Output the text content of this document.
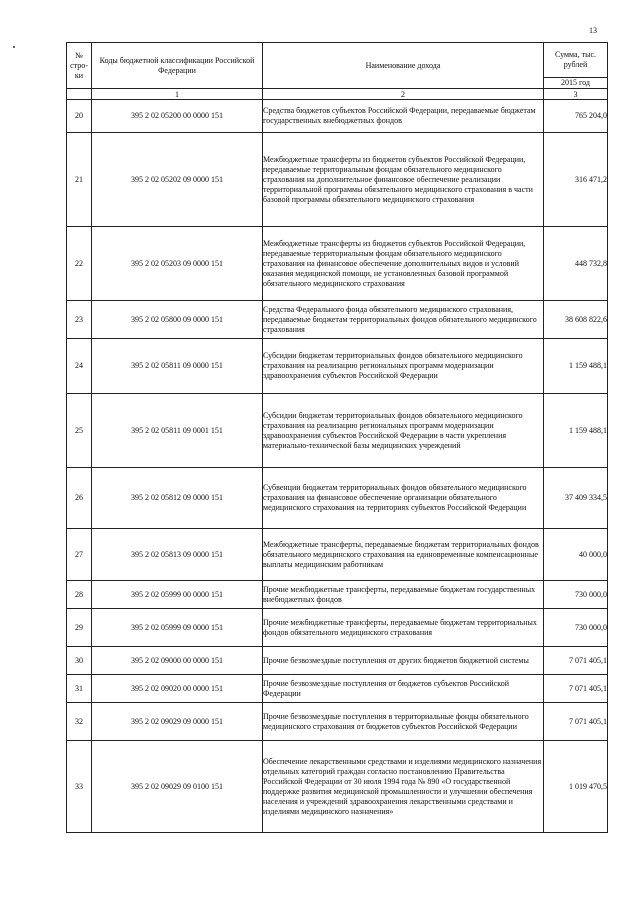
13
№ стро-ки	Коды бюджетной классификации Российской Федерации	Наименование дохода	Сумма, тыс. рублей
			2015 год
	1	2	3
20	395 2 02 05200 00 0000 151	Средства бюджетов субъектов Российской Федерации, передаваемые бюджетам государственных внебюджетных фондов	765 204,0
21	395 2 02 05202 09 0000 151	Межбюджетные трансферты из бюджетов субъектов Российской Федерации, передаваемые территориальным фондам обязательного медицинского страхования на дополнительное финансовое обеспечение реализации территориальной программы обязательного медицинского страхования в части базовой программы обязательного медицинского страхования	316 471,2
22	395 2 02 05203 09 0000 151	Межбюджетные трансферты из бюджетов субъектов Российской Федерации, передаваемые территориальным фондам обязательного медицинского страхования на финансовое обеспечение дополнительных видов и условий оказания медицинской помощи, не установленных базовой программой обязательного медицинского страхования	448 732,8
23	395 2 02 05800 09 0000 151	Средства Федерального фонда обязательного медицинского страхования, передаваемые бюджетам территориальных фондов обязательного медицинского страхования	38 608 822,6
24	395 2 02 05811 09 0000 151	Субсидии бюджетам территориальных фондов обязательного медицинского страхования на реализацию региональных программ модернизации здравоохранения субъектов Российской Федерации	1 159 488,1
25	395 2 02 05811 09 0001 151	Субсидии бюджетам территориальных фондов обязательного медицинского страхования на реализацию региональных программ модернизации здравоохранения субъектов Российской Федерации в части укрепления материально-технической базы медицинских учреждений	1 159 488,1
26	395 2 02 05812 09 0000 151	Субвенции бюджетам территориальных фондов обязательного медицинского страхования на финансовое обеспечение организации обязательного медицинского страхования на территориях субъектов Российской Федерации	37 409 334,5
27	395 2 02 05813 09 0000 151	Межбюджетные трансферты, передаваемые бюджетам территориальных фондов обязательного медицинского страхования на единовременные компенсационные выплаты медицинским работникам	40 000,0
28	395 2 02 05999 00 0000 151	Прочие межбюджетные трансферты, передаваемые бюджетам государственных внебюджетных фондов	730 000,0
29	395 2 02 05999 09 0000 151	Прочие межбюджетные трансферты, передаваемые бюджетам территориальных фондов обязательного медицинского страхования	730 000,0
30	395 2 02 09000 00 0000 151	Прочие безвозмездные поступления от других бюджетов бюджетной системы	7 071 405,1
31	395 2 02 09020 00 0000 151	Прочие безвозмездные поступления от бюджетов субъектов Российской Федерации	7 071 405,1
32	395 2 02 09029 09 0000 151	Прочие безвозмездные поступления в территориальные фонды обязательного медицинского страхования от бюджетов субъектов Российской Федерации	7 071 405,1
33	395 2 02 09029 09 0100 151	Обеспечение лекарственными средствами и изделиями медицинского назначения отдельных категорий граждан согласно постановлению Правительства Российской Федерации от 30 июля 1994 года № 890 «О государственной поддержке развития медицинской промышленности и улучшении обеспечения населения и учреждений здравоохранения лекарственными средствами и изделиями медицинского назначения»	1 019 470,5
